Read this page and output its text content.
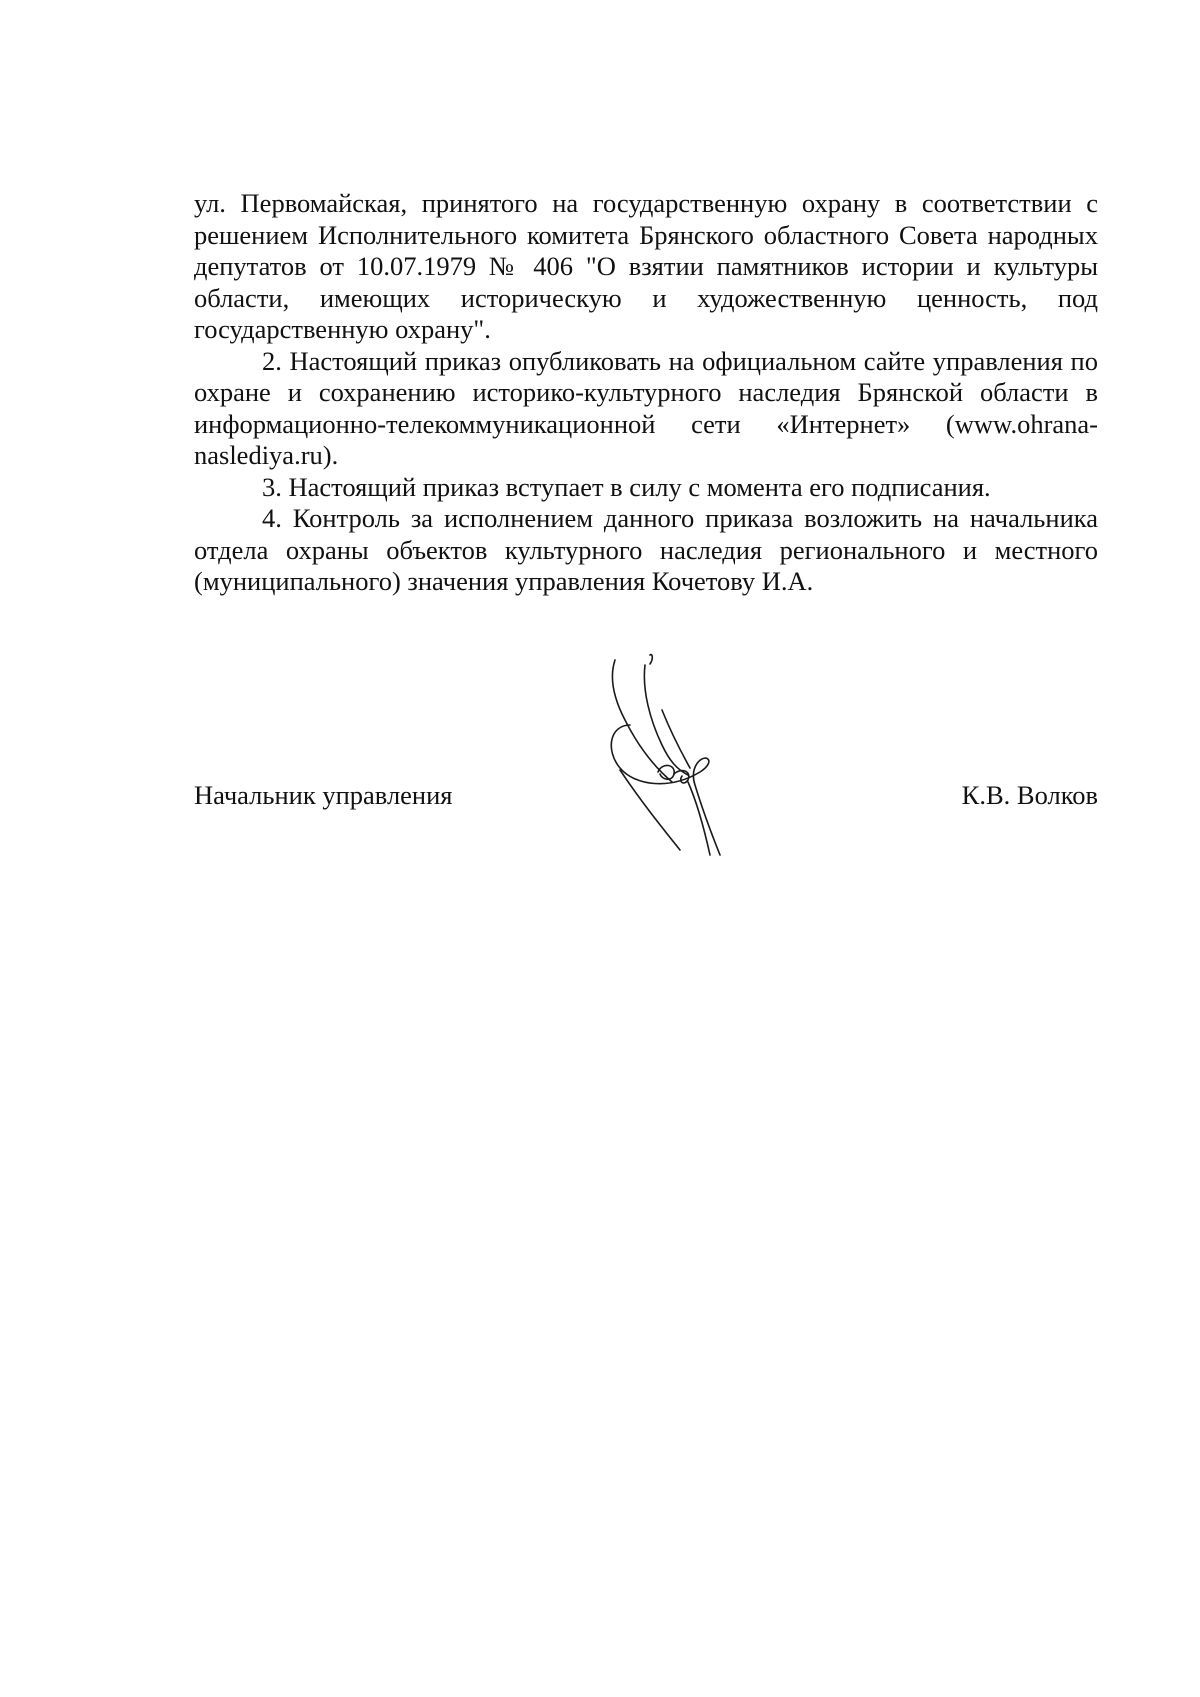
ул. Первомайская, принятого на государственную охрану в соответствии с решением Исполнительного комитета Брянского областного Совета народных депутатов от 10.07.1979 № 406 "О взятии памятников истории и культуры области, имеющих историческую и художественную ценность, под государственную охрану".

2. Настоящий приказ опубликовать на официальном сайте управления по охране и сохранению историко-культурного наследия Брянской области в информационно-телекоммуникационной сети «Интернет» (www.ohrana-naslediya.ru).

3. Настоящий приказ вступает в силу с момента его подписания.

4. Контроль за исполнением данного приказа возложить на начальника отдела охраны объектов культурного наследия регионального и местного (муниципального) значения управления Кочетову И.А.

Начальник управления	К.В. Волков
